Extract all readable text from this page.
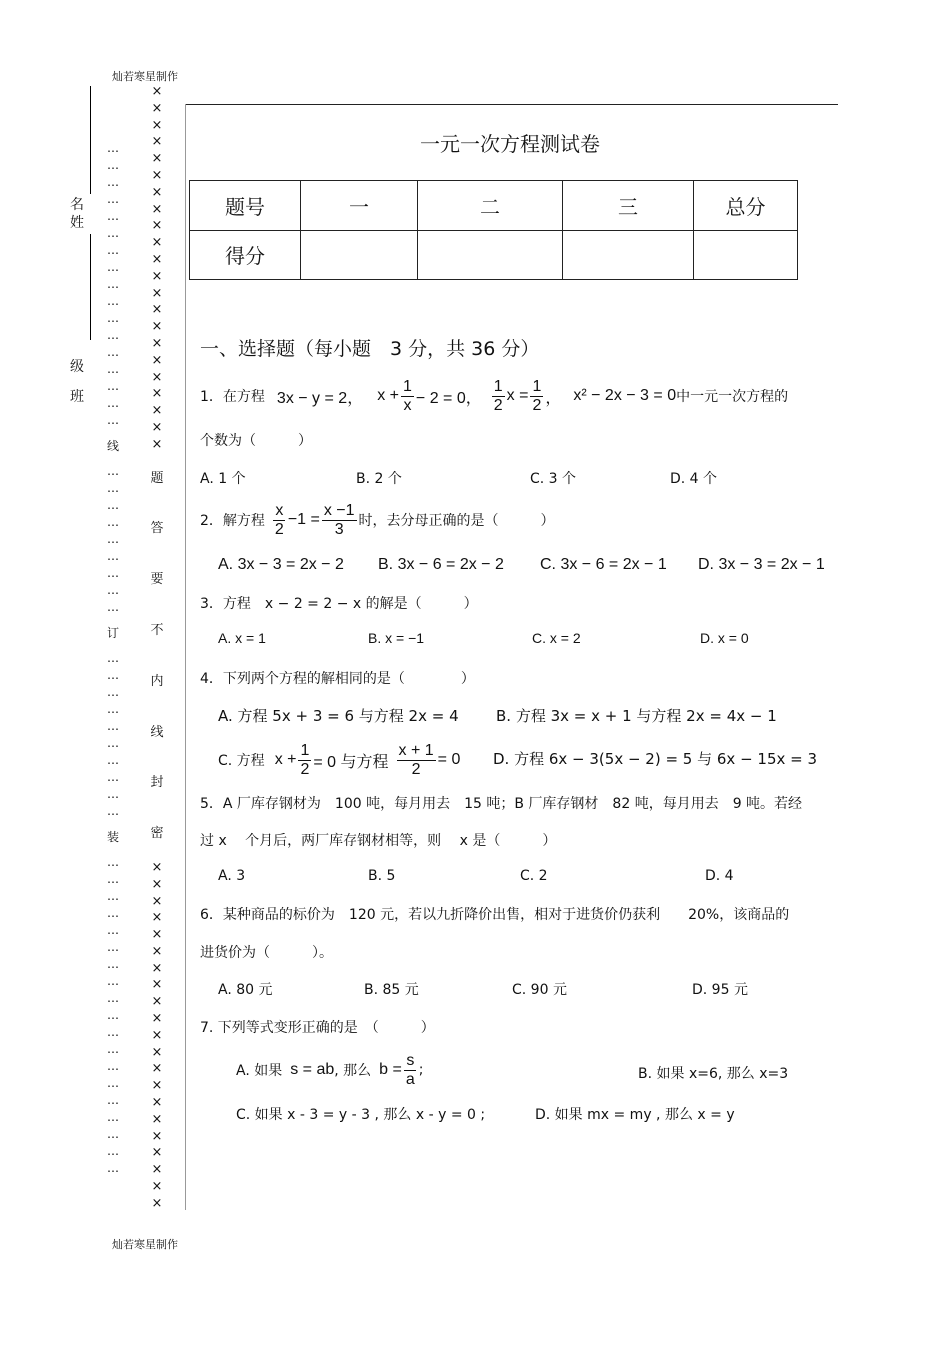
灿若寒星制作
灿若寒星制作
名
姓
级
班
…
…
…
…
…
…
…
…
…
…
…
…
…
…
…
…
…
线
…
…
…
…
…
…
…
…
…
订
…
…
…
…
…
…
…
…
…
…
装
…
…
…
…
…
…
…
…
…
…
…
…
…
…
…
…
…
…
…
×
×
×
×
×
×
×
×
×
×
×
×
×
×
×
×
×
×
×
×
×
×
题
答
要
不
内
线
封
密
×
×
×
×
×
×
×
×
×
×
×
×
×
×
×
×
×
×
×
×
×
一元一次方程测试卷
题号	一	二	三	总分
得分				
一、选择题（每小题　3 分，共 36 分）
1．在方程 3x − y = 2， $x + \frac{1}{x} - 2 = 0$， $\frac{1}{2}$ $x = \frac{1}{2}$ ， x² − 2x − 3 = 0 中一元一次方程的
个数为（　　　）
A. 1 个	B. 2 个	C. 3 个	D. 4 个
2．解方程 $\frac{x}{2} -1 = \frac{x -1}{3}$ 时，去分母正确的是（　　　）
A. 3x − 3 = 2x − 2 B. 3x − 6 = 2x − 2 C. 3x − 6 = 2x − 1 D. 3x − 3 = 2x − 1
3．方程　x − 2 = 2 − x 的解是（　　　）
A. x = 1	B. x = −1	C. x = 2	D. x = 0
4．下列两个方程的解相同的是（　　　　）
A. 方程 5x + 3 = 6 与方程 2x = 4 B. 方程 3x = x + 1 与方程 2x = 4x − 1
C. 方程 $x + \frac{1}{2} = 0$ 与方程 $\frac{x + 1}{2} = 0$ D. 方程 6x − 3(5x − 2) = 5 与 6x − 15x = 3
5．A 厂库存钢材为　100 吨，每月用去　15 吨；B 厂库存钢材　82 吨，每月用去　9 吨。若经
过 x　 个月后，两厂库存钢材相等，则　 x 是（　　　）
A. 3	B. 5	C. 2	D. 4
6．某种商品的标价为　120 元，若以九折降价出售，相对于进货价仍获利　　20%，该商品的
进货价为（　　　）。
A. 80 元	B. 85 元	C. 90 元	D. 95 元
7. 下列等式变形正确的是　（　　　）
A. 如果 s = ab , 那么 $b = \frac{s}{a}$ ;	B. 如果 x=6, 那么 x=3
C. 如果 x - 3 = y - 3 , 那么 x - y = 0 ;	D. 如果 mx = my , 那么 x = y
